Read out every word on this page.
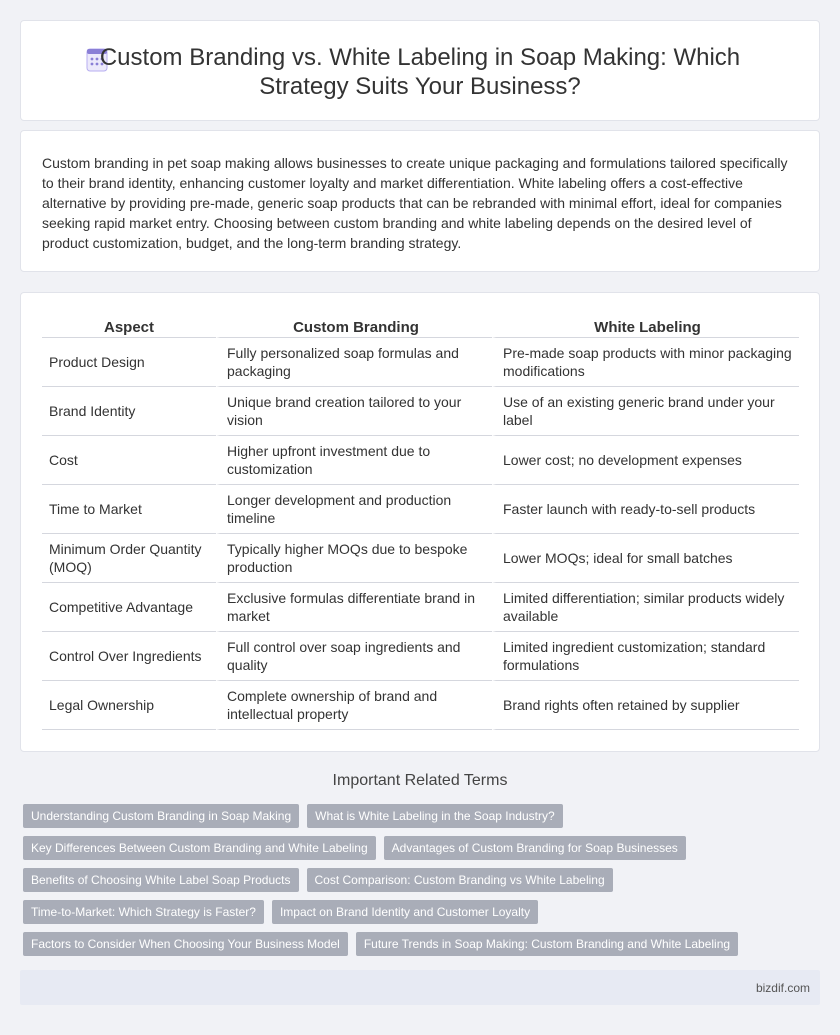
Custom Branding vs. White Labeling in Soap Making: Which Strategy Suits Your Business?

Custom branding in pet soap making allows businesses to create unique packaging and formulations tailored specifically to their brand identity, enhancing customer loyalty and market differentiation. White labeling offers a cost-effective alternative by providing pre-made, generic soap products that can be rebranded with minimal effort, ideal for companies seeking rapid market entry. Choosing between custom branding and white labeling depends on the desired level of product customization, budget, and the long-term branding strategy.

Aspect	Custom Branding	White Labeling
Product Design	Fully personalized soap formulas and packaging	Pre-made soap products with minor packaging modifications
Brand Identity	Unique brand creation tailored to your vision	Use of an existing generic brand under your label
Cost	Higher upfront investment due to customization	Lower cost; no development expenses
Time to Market	Longer development and production timeline	Faster launch with ready-to-sell products
Minimum Order Quantity (MOQ)	Typically higher MOQs due to bespoke production	Lower MOQs; ideal for small batches
Competitive Advantage	Exclusive formulas differentiate brand in market	Limited differentiation; similar products widely available
Control Over Ingredients	Full control over soap ingredients and quality	Limited ingredient customization; standard formulations
Legal Ownership	Complete ownership of brand and intellectual property	Brand rights often retained by supplier
Important Related Terms
Understanding Custom Branding in Soap Making	What is White Labeling in the Soap Industry?
Key Differences Between Custom Branding and White Labeling	Advantages of Custom Branding for Soap Businesses
Benefits of Choosing White Label Soap Products	Cost Comparison: Custom Branding vs White Labeling
Time-to-Market: Which Strategy is Faster?	Impact on Brand Identity and Customer Loyalty
Factors to Consider When Choosing Your Business Model	Future Trends in Soap Making: Custom Branding and White Labeling
bizdif.com
